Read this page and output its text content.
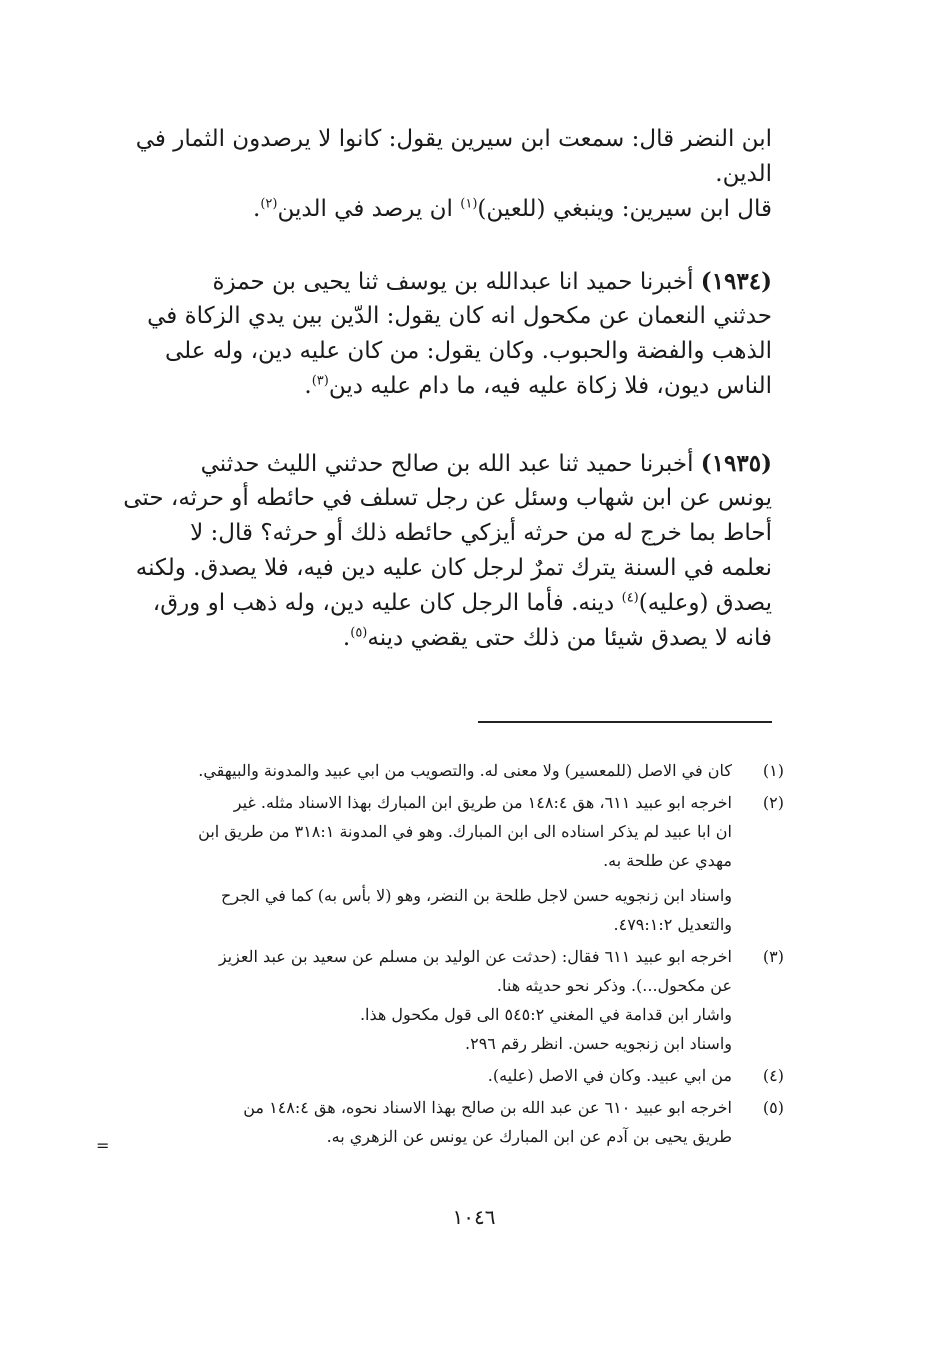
ابن النضر قال: سمعت ابن سيرين يقول: كانوا لا يرصدون الثمار في
الدين.
قال ابن سيرين: وينبغي (للعين)$^{(١)}$ ان يرصد في الدين$^{(٢)}$.
(١٩٣٤) أخبرنا حميد انا عبدالله بن يوسف ثنا يحيى بن حمزة
حدثني النعمان عن مكحول انه كان يقول: الدّين بين يدي الزكاة في
الذهب والفضة والحبوب. وكان يقول: من كان عليه دين، وله على
الناس ديون، فلا زكاة عليه فيه، ما دام عليه دين$^{(٣)}$.
(١٩٣٥) أخبرنا حميد ثنا عبد الله بن صالح حدثني الليث حدثني
يونس عن ابن شهاب وسئل عن رجل تسلف في حائطه أو حرثه، حتى
أحاط بما خرج له من حرثه أيزكي حائطه ذلك أو حرثه؟ قال: لا
نعلمه في السنة يترك تمرٌ لرجل كان عليه دين فيه، فلا يصدق. ولكنه
يصدق (وعليه)$^{(٤)}$ دينه. فأما الرجل كان عليه دين، وله ذهب او ورق،
فانه لا يصدق شيئا من ذلك حتى يقضي دينه$^{(٥)}$.
(١)
كان في الاصل (للمعسير) ولا معنى له. والتصويب من ابي عبيد والمدونة والبيهقي.
(٢)
اخرجه ابو عبيد ٦١١، هق ١٤٨:٤ من طريق ابن المبارك بهذا الاسناد مثله. غير
ان ابا عبيد لم يذكر اسناده الى ابن المبارك. وهو في المدونة ٣١٨:١ من طريق ابن
مهدي عن طلحة به.
واسناد ابن زنجويه حسن لاجل طلحة بن النضر، وهو (لا بأس به) كما في الجرح
والتعديل ٤٧٩:١:٢.
(٣)
اخرجه ابو عبيد ٦١١ فقال: (حدثت عن الوليد بن مسلم عن سعيد بن عبد العزيز
عن مكحول...). وذكر نحو حديثه هنا.
واشار ابن قدامة في المغني ٥٤٥:٢ الى قول مكحول هذا.
واسناد ابن زنجويه حسن. انظر رقم ٢٩٦.
(٤)
من ابي عبيد. وكان في الاصل (عليه).
(٥)
اخرجه ابو عبيد ٦١٠ عن عبد الله بن صالح بهذا الاسناد نحوه، هق ١٤٨:٤ من
طريق يحيى بن آدم عن ابن المبارك عن يونس عن الزهري به.
=
١٠٤٦
